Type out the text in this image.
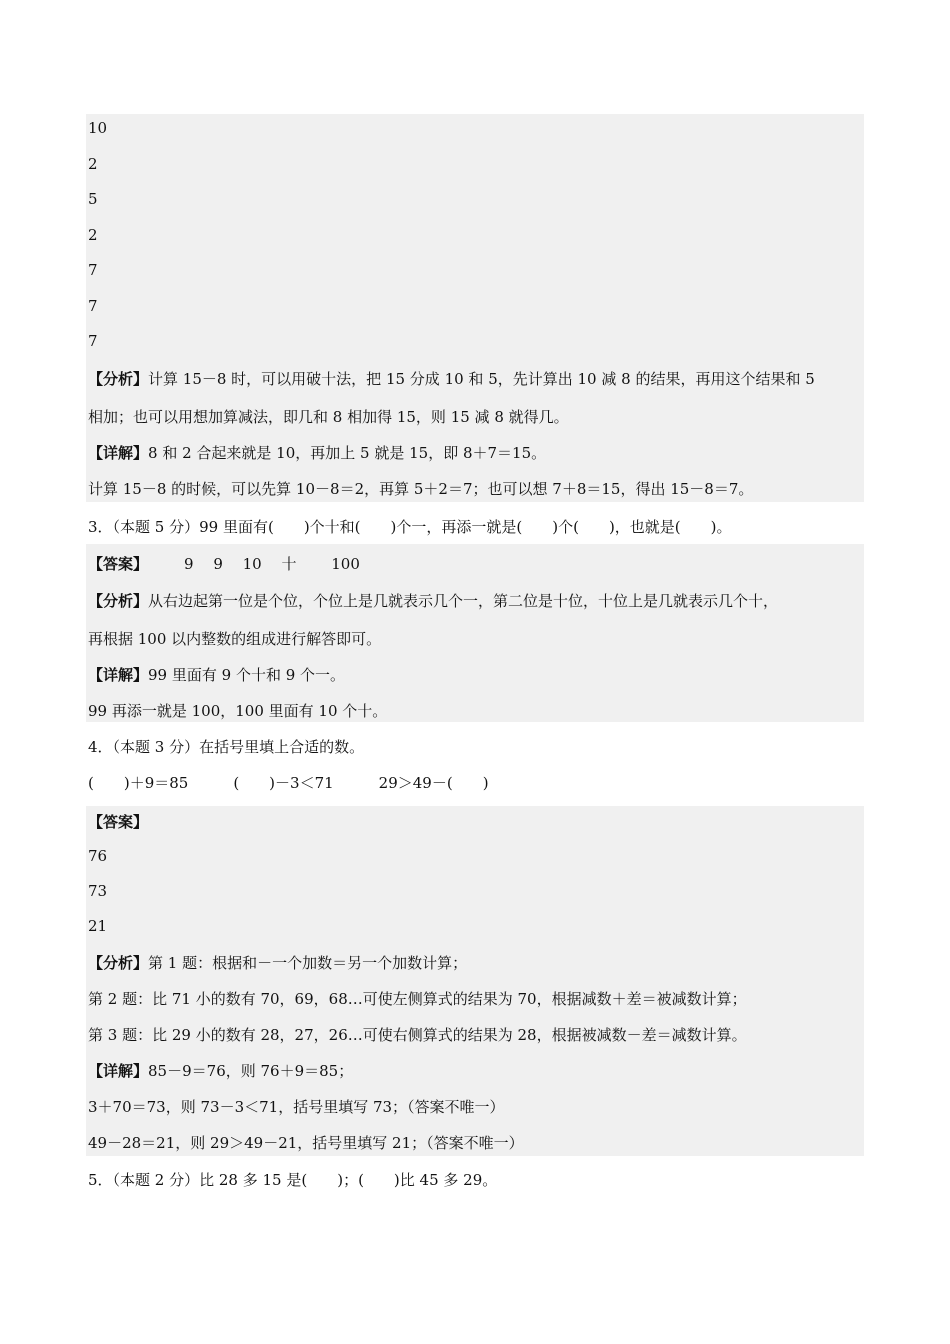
10
2
5
2
7
7
7
【分析】计算 15－8 时，可以用破十法，把 15 分成 10 和 5，先计算出 10 减 8 的结果，再用这个结果和 5
相加；也可以用想加算减法，即几和 8 相加得 15，则 15 减 8 就得几。
【详解】8 和 2 合起来就是 10，再加上 5 就是 15，即 8＋7＝15。
计算 15－8 的时候，可以先算 10－8＝2，再算 5＋2＝7；也可以想 7＋8＝15，得出 15－8＝7。
3．（本题 5 分）99 里面有(　　)个十和(　　)个一，再添一就是(　　)个(　　)，也就是(　　)。
【答案】 9　 9　 10　 十　　 100
【分析】从右边起第一位是个位，个位上是几就表示几个一，第二位是十位，十位上是几就表示几个十，
再根据 100 以内整数的组成进行解答即可。
【详解】99 里面有 9 个十和 9 个一。
99 再添一就是 100，100 里面有 10 个十。
4．（本题 3 分）在括号里填上合适的数。
(　　)＋9＝85　　　(　　)－3＜71　　　29＞49－(　　)
【答案】
76
73
21
【分析】第 1 题：根据和－一个加数＝另一个加数计算；
第 2 题：比 71 小的数有 70，69，68…可使左侧算式的结果为 70，根据减数＋差＝被减数计算；
第 3 题：比 29 小的数有 28，27，26…可使右侧算式的结果为 28，根据被减数－差＝减数计算。
【详解】85－9＝76，则 76＋9＝85；
3＋70＝73，则 73－3＜71，括号里填写 73；（答案不唯一）
49－28＝21，则 29＞49－21，括号里填写 21；（答案不唯一）
5．（本题 2 分）比 28 多 15 是(　　)；(　　)比 45 多 29。
